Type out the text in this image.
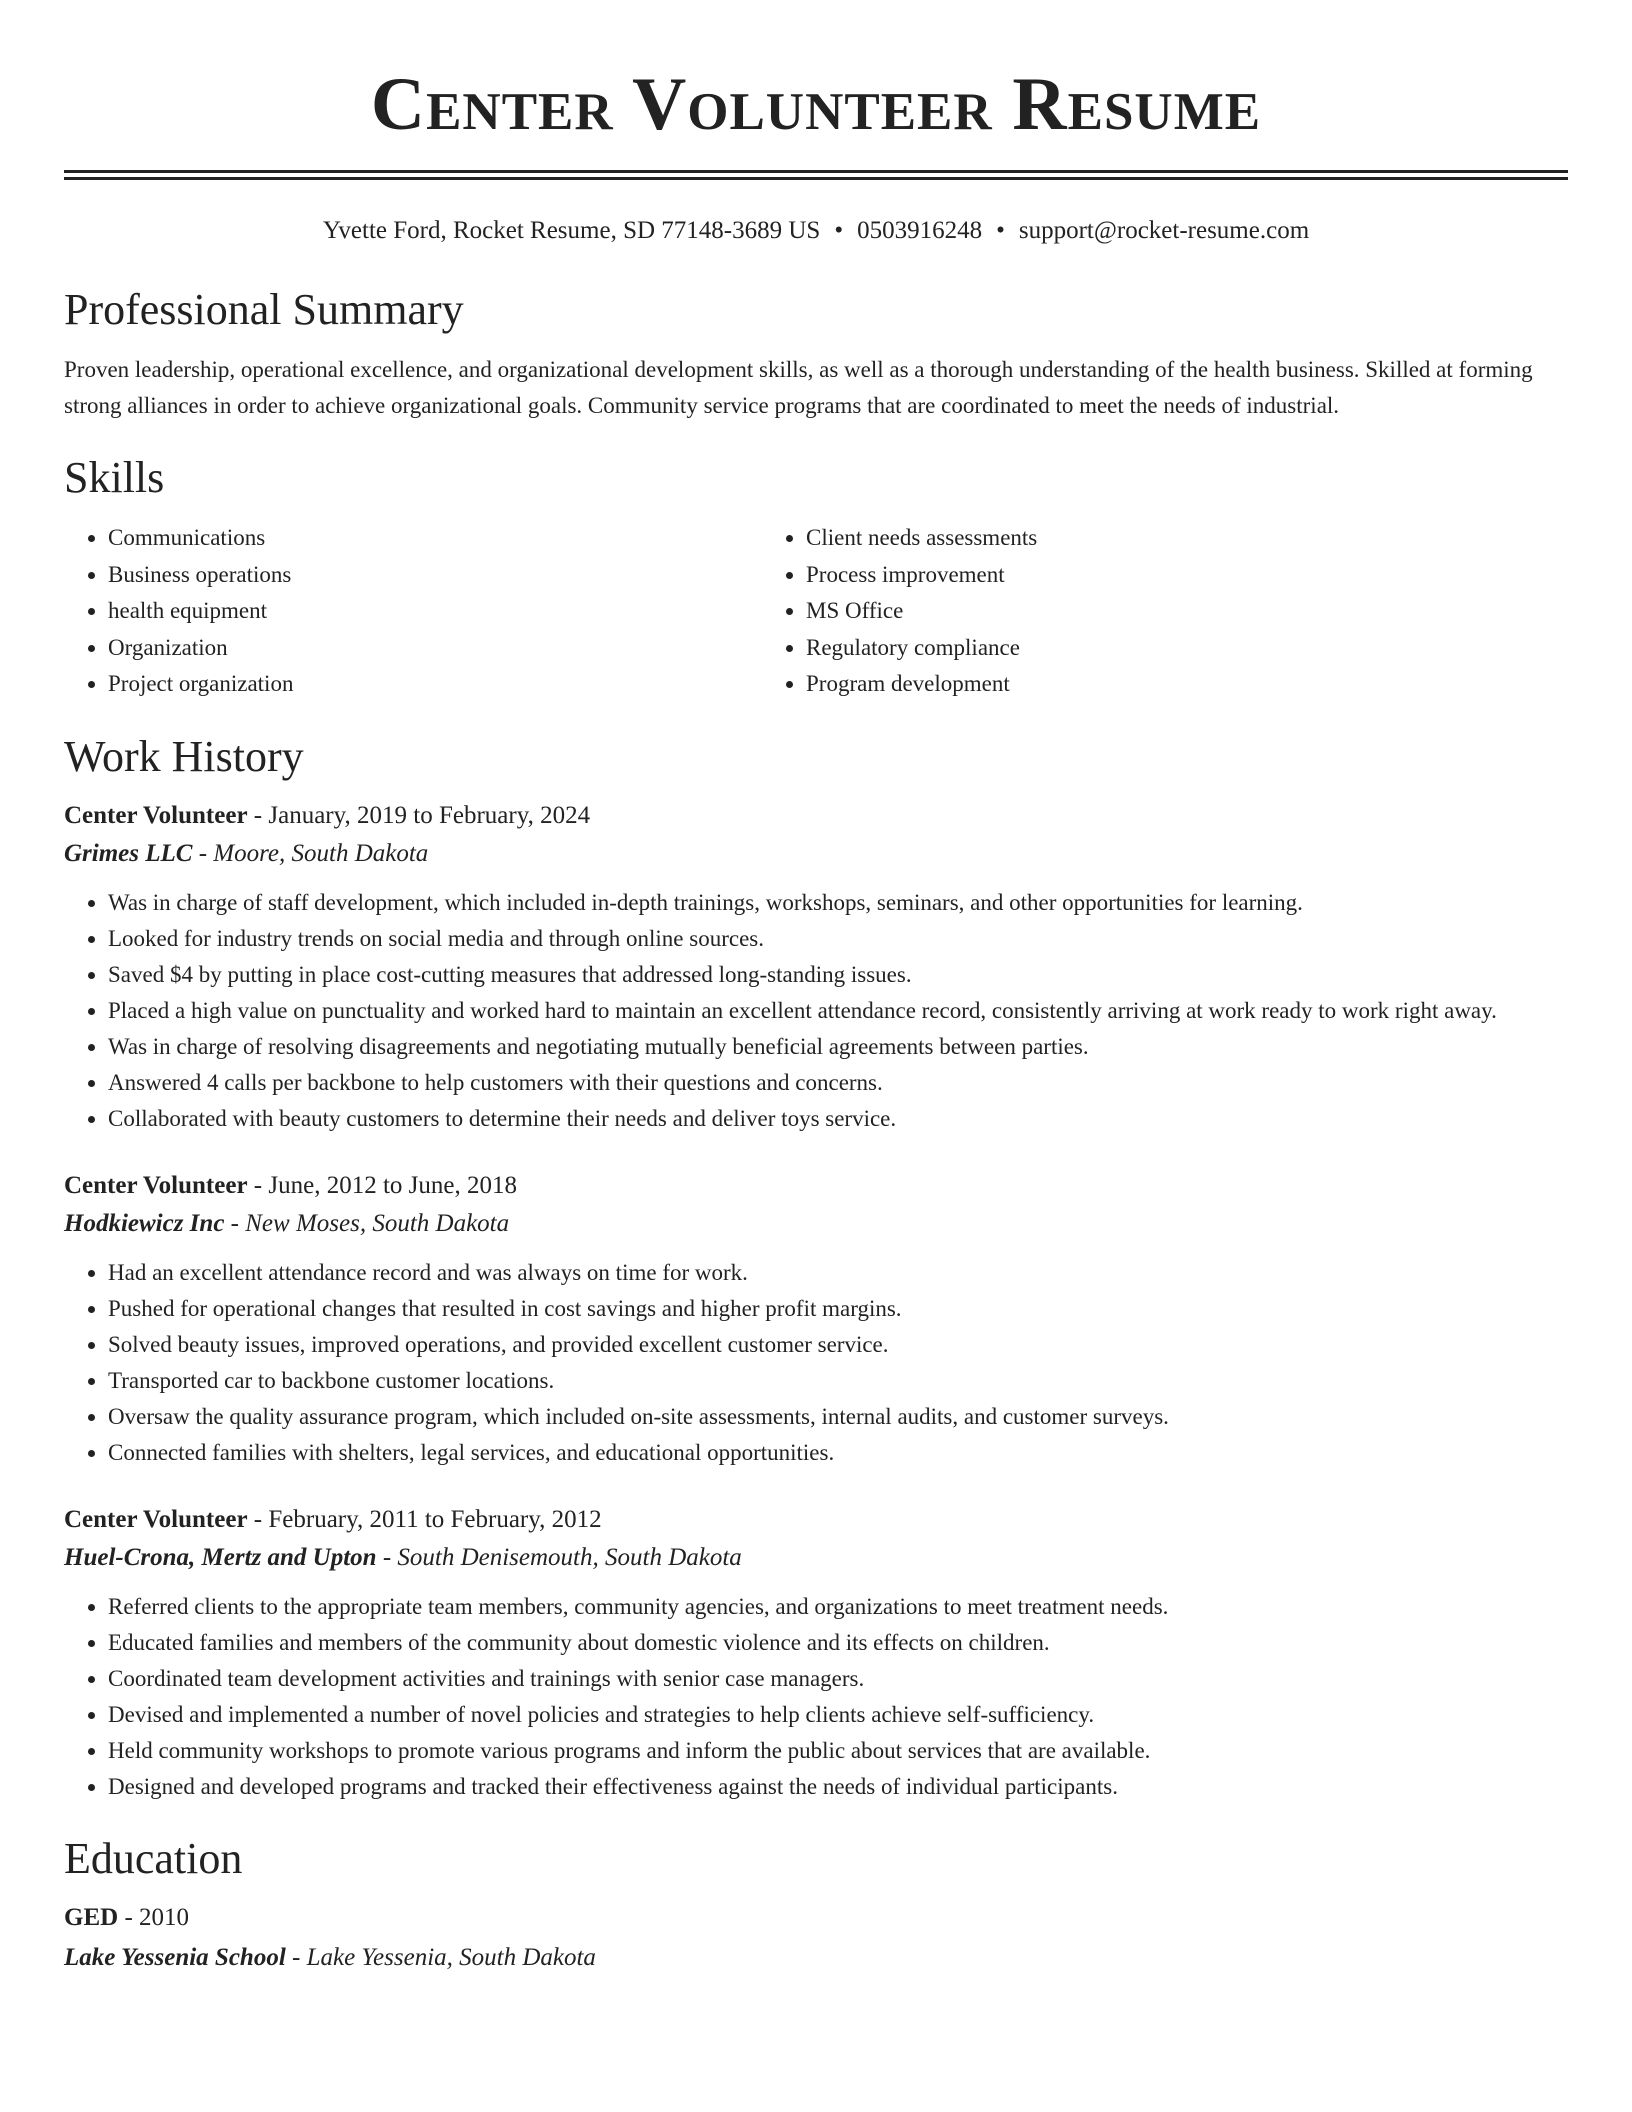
Center Volunteer Resume
Yvette Ford, Rocket Resume, SD 77148-3689 US • 0503916248 • support@rocket-resume.com
Professional Summary
Proven leadership, operational excellence, and organizational development skills, as well as a thorough understanding of the health business. Skilled at forming strong alliances in order to achieve organizational goals. Community service programs that are coordinated to meet the needs of industrial.
Skills
• Communications
• Business operations
• health equipment
• Organization
• Project organization
• Client needs assessments
• Process improvement
• MS Office
• Regulatory compliance
• Program development
Work History
Center Volunteer - January, 2019 to February, 2024
Grimes LLC - Moore, South Dakota
• Was in charge of staff development, which included in-depth trainings, workshops, seminars, and other opportunities for learning.
• Looked for industry trends on social media and through online sources.
• Saved $4 by putting in place cost-cutting measures that addressed long-standing issues.
• Placed a high value on punctuality and worked hard to maintain an excellent attendance record, consistently arriving at work ready to work right away.
• Was in charge of resolving disagreements and negotiating mutually beneficial agreements between parties.
• Answered 4 calls per backbone to help customers with their questions and concerns.
• Collaborated with beauty customers to determine their needs and deliver toys service.
Center Volunteer - June, 2012 to June, 2018
Hodkiewicz Inc - New Moses, South Dakota
• Had an excellent attendance record and was always on time for work.
• Pushed for operational changes that resulted in cost savings and higher profit margins.
• Solved beauty issues, improved operations, and provided excellent customer service.
• Transported car to backbone customer locations.
• Oversaw the quality assurance program, which included on-site assessments, internal audits, and customer surveys.
• Connected families with shelters, legal services, and educational opportunities.
Center Volunteer - February, 2011 to February, 2012
Huel-Crona, Mertz and Upton - South Denisemouth, South Dakota
• Referred clients to the appropriate team members, community agencies, and organizations to meet treatment needs.
• Educated families and members of the community about domestic violence and its effects on children.
• Coordinated team development activities and trainings with senior case managers.
• Devised and implemented a number of novel policies and strategies to help clients achieve self-sufficiency.
• Held community workshops to promote various programs and inform the public about services that are available.
• Designed and developed programs and tracked their effectiveness against the needs of individual participants.
Education
GED - 2010
Lake Yessenia School - Lake Yessenia, South Dakota
